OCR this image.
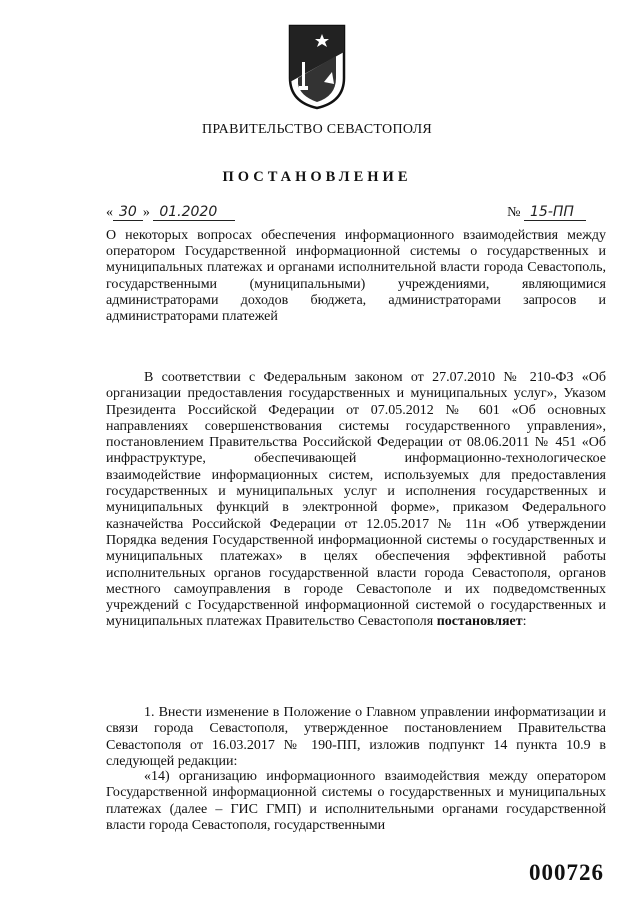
ПРАВИТЕЛЬСТВО СЕВАСТОПОЛЯ
ПОСТАНОВЛЕНИЕ
« 30 » 01.2020	№ 15-ПП

О некоторых вопросах обеспечения информационного взаимодействия между оператором Государственной информационной системы о государственных и муниципальных платежах и органами исполнительной власти города Севастополь, государственными (муниципальными) учреждениями, являющимися администраторами доходов бюджета, администраторами запросов и администраторами платежей

В соответствии с Федеральным законом от 27.07.2010 № 210-ФЗ «Об организации предоставления государственных и муниципальных услуг», Указом Президента Российской Федерации от 07.05.2012 № 601 «Об основных направлениях совершенствования системы государственного управления», постановлением Правительства Российской Федерации от 08.06.2011 № 451 «Об инфраструктуре, обеспечивающей информационно-технологическое взаимодействие информационных систем, используемых для предоставления государственных и муниципальных услуг и исполнения государственных и муниципальных функций в электронной форме», приказом Федерального казначейства Российской Федерации от 12.05.2017 № 11н «Об утверждении Порядка ведения Государственной информационной системы о государственных и муниципальных платежах» в целях обеспечения эффективной работы исполнительных органов государственной власти города Севастополя, органов местного самоуправления в городе Севастополе и их подведомственных учреждений с Государственной информационной системой о государственных и муниципальных платежах Правительство Севастополя постановляет:

1. Внести изменение в Положение о Главном управлении информатизации и связи города Севастополя, утвержденное постановлением Правительства Севастополя от 16.03.2017 № 190-ПП, изложив подпункт 14 пункта 10.9 в следующей редакции:

«14) организацию информационного взаимодействия между оператором Государственной информационной системы о государственных и муниципальных платежах (далее – ГИС ГМП) и исполнительными органами государственной власти города Севастополя, государственными

000726
